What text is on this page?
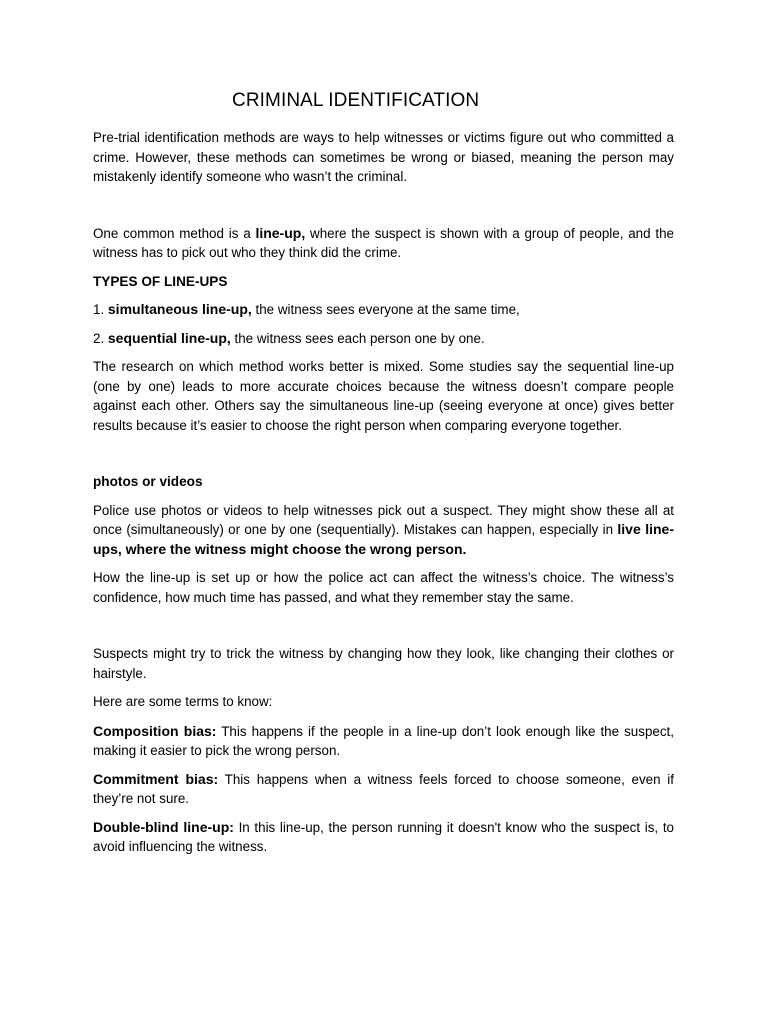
CRIMINAL IDENTIFICATION

Pre-trial identification methods are ways to help witnesses or victims figure out who committed a crime. However, these methods can sometimes be wrong or biased, meaning the person may mistakenly identify someone who wasn’t the criminal.

One common method is a line-up, where the suspect is shown with a group of people, and the witness has to pick out who they think did the crime.

TYPES OF LINE-UPS

1. simultaneous line-up, the witness sees everyone at the same time,

2. sequential line-up, the witness sees each person one by one.

The research on which method works better is mixed. Some studies say the sequential line-up (one by one) leads to more accurate choices because the witness doesn’t compare people against each other. Others say the simultaneous line-up (seeing everyone at once) gives better results because it’s easier to choose the right person when comparing everyone together.

photos or videos

Police use photos or videos to help witnesses pick out a suspect. They might show these all at once (simultaneously) or one by one (sequentially). Mistakes can happen, especially in live line-ups, where the witness might choose the wrong person.

How the line-up is set up or how the police act can affect the witness’s choice. The witness’s confidence, how much time has passed, and what they remember stay the same.

Suspects might try to trick the witness by changing how they look, like changing their clothes or hairstyle.

Here are some terms to know:

Composition bias: This happens if the people in a line-up don’t look enough like the suspect, making it easier to pick the wrong person.

Commitment bias: This happens when a witness feels forced to choose someone, even if they’re not sure.

Double-blind line-up: In this line-up, the person running it doesn't know who the suspect is, to avoid influencing the witness.
